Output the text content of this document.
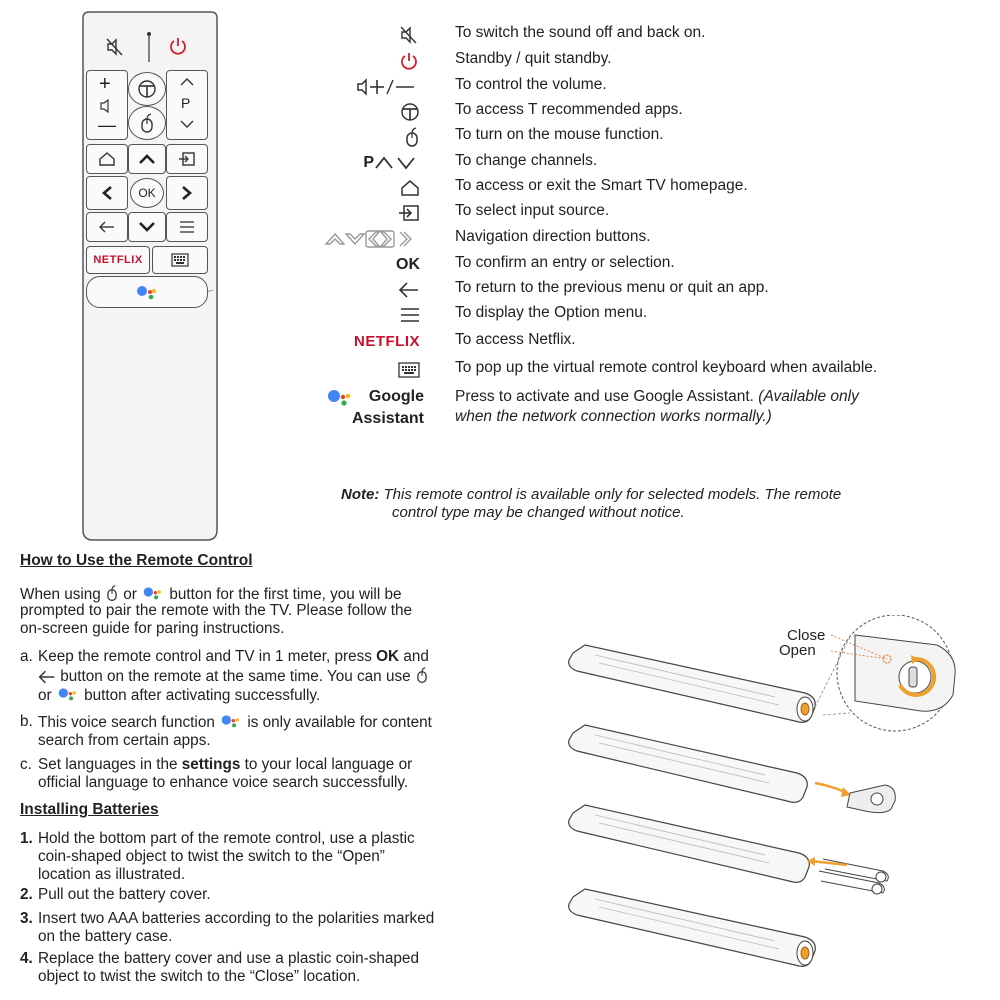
+
—
P
OK
NETFLIX
To switch the sound off and back on.
Standby / quit standby.
To control the volume.
To access T recommended apps.
To turn on the mouse function.
P	To change channels.
To access or exit the Smart TV homepage.
To select input source.
Navigation direction buttons.
OK To confirm an entry or selection.
To return to the previous menu or quit an app.
To display the Option menu.
NETFLIX To access Netflix.
To pop up the virtual remote control keyboard when available.
Google
Assistant
Press to activate and use Google Assistant. (Available only
when the network connection works normally.)
Note: This remote control is available only for selected models. The remote
control type may be changed without notice.
How to Use the Remote Control
When using  or  button for the first time, you will be
prompted to pair the remote with the TV. Please follow the
on-screen guide for paring instructions.
a. Keep the remote control and TV in 1 meter, press OK and
button on the remote at the same time. You can use
or  button after activating successfully.
b. This voice search function  is only available for content
search from certain apps.
c. Set languages in the settings to your local language or
official language to enhance voice search successfully.
Installing Batteries
1. Hold the bottom part of the remote control, use a plastic
coin-shaped object to twist the switch to the “Open”
location as illustrated.
2. Pull out the battery cover.
3. Insert two AAA batteries according to the polarities marked
on the battery case.
4. Replace the battery cover and use a plastic coin-shaped
object to twist the switch to the “Close” location.
Close
Open
